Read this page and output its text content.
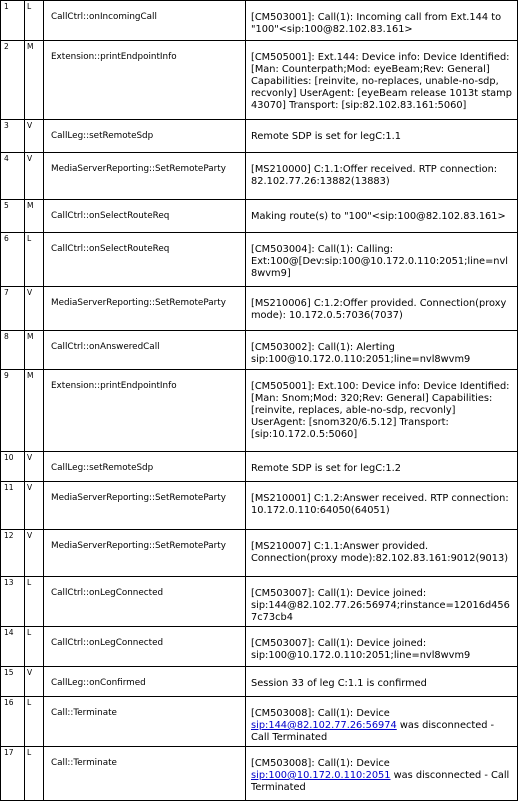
1	L	CallCtrl::onIncomingCall	[CM503001]: Call(1): Incoming call from Ext.144 to "100"<sip:100@82.102.83.161>
2	M	Extension::printEndpointInfo	[CM505001]: Ext.144: Device info: Device Identified: [Man: Counterpath;Mod: eyeBeam;Rev: General] Capabilities: [reinvite, no-replaces, unable-no-sdp, recvonly] UserAgent: [eyeBeam release 1013t stamp 43070] Transport: [sip:82.102.83.161:5060]
3	V	CallLeg::setRemoteSdp	Remote SDP is set for legC:1.1
4	V	MediaServerReporting::SetRemoteParty	[MS210000] C:1.1:Offer received. RTP connection: 82.102.77.26:13882(13883)
5	M	CallCtrl::onSelectRouteReq	Making route(s) to "100"<sip:100@82.102.83.161>
6	L	CallCtrl::onSelectRouteReq	[CM503004]: Call(1): Calling: Ext:100@[Dev:sip:100@10.172.0.110:2051;line=nvl8wvm9]
7	V	MediaServerReporting::SetRemoteParty	[MS210006] C:1.2:Offer provided. Connection(proxy mode): 10.172.0.5:7036(7037)
8	M	CallCtrl::onAnsweredCall	[CM503002]: Call(1): Alerting sip:100@10.172.0.110:2051;line=nvl8wvm9
9	M	Extension::printEndpointInfo	[CM505001]: Ext.100: Device info: Device Identified: [Man: Snom;Mod: 320;Rev: General] Capabilities: [reinvite, replaces, able-no-sdp, recvonly] UserAgent: [snom320/6.5.12] Transport: [sip:10.172.0.5:5060]
10	V	CallLeg::setRemoteSdp	Remote SDP is set for legC:1.2
11	V	MediaServerReporting::SetRemoteParty	[MS210001] C:1.2:Answer received. RTP connection: 10.172.0.110:64050(64051)
12	V	MediaServerReporting::SetRemoteParty	[MS210007] C:1.1:Answer provided. Connection(proxy mode):82.102.83.161:9012(9013)
13	L	CallCtrl::onLegConnected	[CM503007]: Call(1): Device joined: sip:144@82.102.77.26:56974;rinstance=12016d4567c73cb4
14	L	CallCtrl::onLegConnected	[CM503007]: Call(1): Device joined: sip:100@10.172.0.110:2051;line=nvl8wvm9
15	V	CallLeg::onConfirmed	Session 33 of leg C:1.1 is confirmed
16	L	Call::Terminate	[CM503008]: Call(1): Device
sip:144@82.102.77.26:56974 was disconnected - Call Terminated
17	L	Call::Terminate	[CM503008]: Call(1): Device
sip:100@10.172.0.110:2051 was disconnected - Call Terminated
